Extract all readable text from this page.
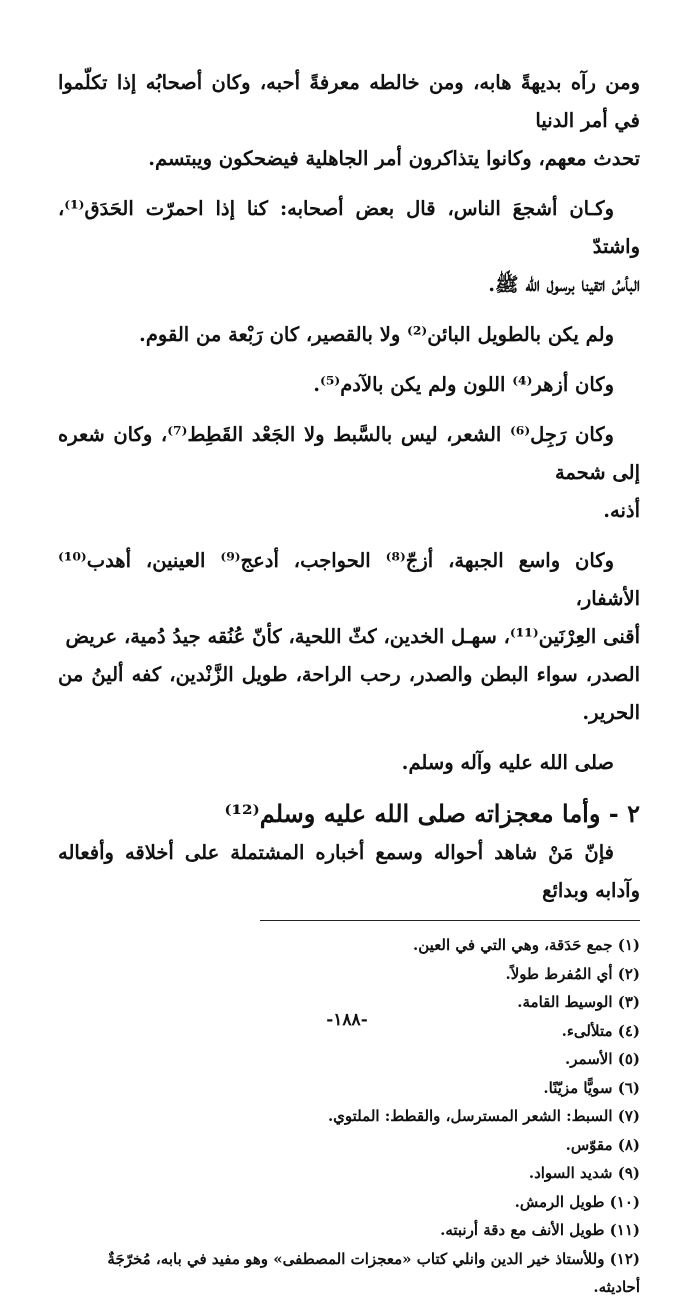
ومن رآه بديهةً هابه، ومن خالطه معرفةً أحبه، وكان أصحابُه إذا تكلّموا في أمر الدنيا
تحدث معهم، وكانوا يتذاكرون أمر الجاهلية فيضحكون ويبتسم.

وكـان أشجعَ الناس، قال بعض أصحابه: كنا إذا احمرّت الحَدَق⁽¹⁾، واشتدّ
البأسُ اتقينا برسول الله ﷺ.

ولم يكن بالطويل البائن⁽²⁾ ولا بالقصير، كان رَبْعة من القوم.

وكان أزهر⁽⁴⁾ اللون ولم يكن بالآدم⁽⁵⁾.

وكان رَجِل⁽⁶⁾ الشعر، ليس بالسَّبط ولا الجَعْد القَطِط⁽⁷⁾، وكان شعره إلى شحمة
أذنه.

وكان واسع الجبهة، أزجّ⁽⁸⁾ الحواجب، أدعج⁽⁹⁾ العينين، أهدب⁽¹⁰⁾ الأشفار،
أقنى العِرْنَين⁽¹¹⁾، سهـل الخدين، كثّ اللحية، كأنّ عُنُقه جيدُ دُمية، عريض
الصدر، سواء البطن والصدر، رحب الراحة، طويل الزَّنْدين، كفه ألينُ من الحرير.

صلى الله عليه وآله وسلم.

٢ - وأما معجزاته صلى الله عليه وسلم⁽¹²⁾

فإنّ مَنْ شاهد أحواله وسمع أخباره المشتملة على أخلاقه وأفعاله وآدابه وبدائع

(١) جمع حَدَقة، وهي التي في العين.

(٢) أي المُفرط طولاً.

(٣) الوسيط القامة.

(٤) متلألىء.

(٥) الأسمر.

(٦) سويًّا مزيّنًا.

(٧) السبط: الشعر المسترسل، والقطط: الملتوي.

(٨) مقوّس.

(٩) شديد السواد.

(١٠) طويل الرمش.

(١١) طويل الأنف مع دقة أرنبته.

(١٢) وللأستاذ خير الدين وانلي كتاب «معجزات المصطفى» وهو مفيد في بابه، مُخرّجَةٌ أحاديثه.

-١٨٨-
